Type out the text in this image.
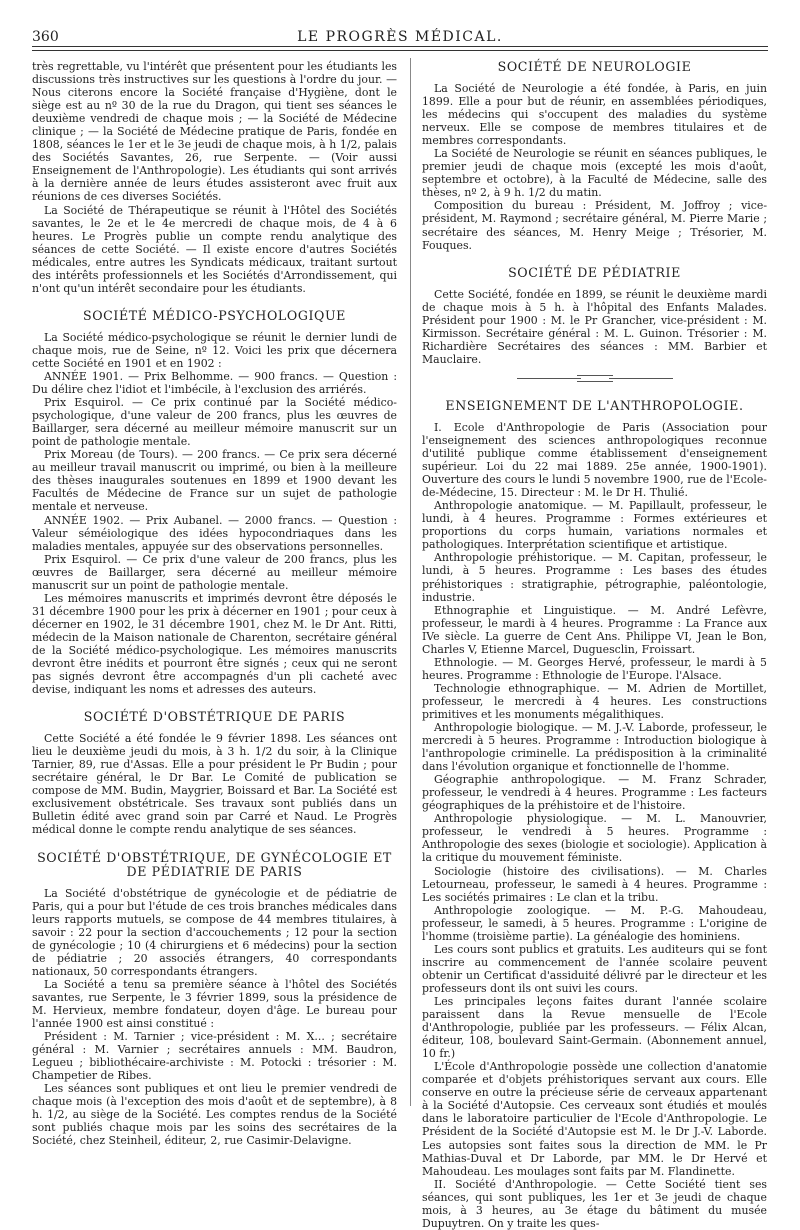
360	LE PROGRÈS MÉDICAL.

très regrettable, vu l'intérêt que présentent pour les étudiants les discussions très instructives sur les questions à l'ordre du jour. — Nous citerons encore la Société française d'Hygiène, dont le siège est au nº 30 de la rue du Dragon, qui tient ses séances le deuxième vendredi de chaque mois ; — la Société de Médecine clinique ; — la Société de Médecine pratique de Paris, fondée en 1808, séances le 1er et le 3e jeudi de chaque mois, à h 1/2, palais des Sociétés Savantes, 26, rue Serpente. — (Voir aussi Enseignement de l'Anthropologie). Les étudiants qui sont arrivés à la dernière année de leurs études assisteront avec fruit aux réunions de ces diverses Sociétés.

La Société de Thérapeutique se réunit à l'Hôtel des Sociétés savantes, le 2e et le 4e mercredi de chaque mois, de 4 à 6 heures. Le Progrès publie un compte rendu analytique des séances de cette Société. — Il existe encore d'autres Sociétés médicales, entre autres les Syndicats médicaux, traitant surtout des intérêts professionnels et les Sociétés d'Arrondissement, qui n'ont qu'un intérêt secondaire pour les étudiants.

SOCIÉTÉ MÉDICO-PSYCHOLOGIQUE

La Société médico-psychologique se réunit le dernier lundi de chaque mois, rue de Seine, nº 12. Voici les prix que décernera cette Société en 1901 et en 1902 :

ANNÉE 1901. — Prix Belhomme. — 900 francs. — Question : Du délire chez l'idiot et l'imbécile, à l'exclusion des arriérés.

Prix Esquirol. — Ce prix continué par la Société médico-psychologique, d'une valeur de 200 francs, plus les œuvres de Baillarger, sera décerné au meilleur mémoire manuscrit sur un point de pathologie mentale.

Prix Moreau (de Tours). — 200 francs. — Ce prix sera décerné au meilleur travail manuscrit ou imprimé, ou bien à la meilleure des thèses inaugurales soutenues en 1899 et 1900 devant les Facultés de Médecine de France sur un sujet de pathologie mentale et nerveuse.

ANNÉE 1902. — Prix Aubanel. — 2000 francs. — Question : Valeur séméiologique des idées hypocondriaques dans les maladies mentales, appuyée sur des observations personnelles.

Prix Esquirol. — Ce prix d'une valeur de 200 francs, plus les œuvres de Baillarger, sera décerné au meilleur mémoire manuscrit sur un point de pathologie mentale.

Les mémoires manuscrits et imprimés devront être déposés le 31 décembre 1900 pour les prix à décerner en 1901 ; pour ceux à décerner en 1902, le 31 décembre 1901, chez M. le Dr Ant. Ritti, médecin de la Maison nationale de Charenton, secrétaire général de la Société médico-psychologique. Les mémoires manuscrits devront être inédits et pourront être signés ; ceux qui ne seront pas signés devront être accompagnés d'un pli cacheté avec devise, indiquant les noms et adresses des auteurs.

SOCIÉTÉ D'OBSTÉTRIQUE DE PARIS

Cette Société a été fondée le 9 février 1898. Les séances ont lieu le deuxième jeudi du mois, à 3 h. 1/2 du soir, à la Clinique Tarnier, 89, rue d'Assas. Elle a pour président le Pr Budin ; pour secrétaire général, le Dr Bar. Le Comité de publication se compose de MM. Budin, Maygrier, Boissard et Bar. La Société est exclusivement obstétricale. Ses travaux sont publiés dans un Bulletin édité avec grand soin par Carré et Naud. Le Progrès médical donne le compte rendu analytique de ses séances.

SOCIÉTÉ D'OBSTÉTRIQUE, DE GYNÉCOLOGIE ET DE PÉDIATRIE DE PARIS

La Société d'obstétrique de gynécologie et de pédiatrie de Paris, qui a pour but l'étude de ces trois branches médicales dans leurs rapports mutuels, se compose de 44 membres titulaires, à savoir : 22 pour la section d'accouchements ; 12 pour la section de gynécologie ; 10 (4 chirurgiens et 6 médecins) pour la section de pédiatrie ; 20 associés étrangers, 40 correspondants nationaux, 50 correspondants étrangers.

La Société a tenu sa première séance à l'hôtel des Sociétés savantes, rue Serpente, le 3 février 1899, sous la présidence de M. Hervieux, membre fondateur, doyen d'âge. Le bureau pour l'année 1900 est ainsi constitué :

Président : M. Tarnier ; vice-président : M. X... ; secrétaire général : M. Varnier ; secrétaires annuels : MM. Baudron, Legueu ; bibliothécaire-archiviste : M. Potocki : trésorier : M. Champetier de Ribes.

Les séances sont publiques et ont lieu le premier vendredi de chaque mois (à l'exception des mois d'août et de septembre), à 8 h. 1/2, au siège de la Société. Les comptes rendus de la Société sont publiés chaque mois par les soins des secrétaires de la Société, chez Steinheil, éditeur, 2, rue Casimir-Delavigne.

SOCIÉTÉ DE NEUROLOGIE

La Société de Neurologie a été fondée, à Paris, en juin 1899. Elle a pour but de réunir, en assemblées périodiques, les médecins qui s'occupent des maladies du système nerveux. Elle se compose de membres titulaires et de membres correspondants.

La Société de Neurologie se réunit en séances publiques, le premier jeudi de chaque mois (excepté les mois d'août, septembre et octobre), à la Faculté de Médecine, salle des thèses, nº 2, à 9 h. 1/2 du matin.

Composition du bureau : Président, M. Joffroy ; vice-président, M. Raymond ; secrétaire général, M. Pierre Marie ; secrétaire des séances, M. Henry Meige ; Trésorier, M. Fouques.

SOCIÉTÉ DE PÉDIATRIE

Cette Société, fondée en 1899, se réunit le deuxième mardi de chaque mois à 5 h. à l'hôpital des Enfants Malades. Président pour 1900 : M. le Pr Grancher, vice-président : M. Kirmisson. Secrétaire général : M. L. Guinon. Trésorier : M. Richardière Secrétaires des séances : MM. Barbier et Mauclaire.

ENSEIGNEMENT DE L'ANTHROPOLOGIE.

I. Ecole d'Anthropologie de Paris (Association pour l'enseignement des sciences anthropologiques reconnue d'utilité publique comme établissement d'enseignement supérieur. Loi du 22 mai 1889. 25e année, 1900-1901). Ouverture des cours le lundi 5 novembre 1900, rue de l'Ecole-de-Médecine, 15. Directeur : M. le Dr H. Thulié.

Anthropologie anatomique. — M. Papillault, professeur, le lundi, à 4 heures. Programme : Formes extérieures et proportions du corps humain, variations normales et pathologiques. Interprétation scientifique et artistique.

Anthropologie préhistorique. — M. Capitan, professeur, le lundi, à 5 heures. Programme : Les bases des études préhistoriques : stratigraphie, pétrographie, paléontologie, industrie.

Ethnographie et Linguistique. — M. André Lefèvre, professeur, le mardi à 4 heures. Programme : La France aux IVe siècle. La guerre de Cent Ans. Philippe VI, Jean le Bon, Charles V, Etienne Marcel, Duguesclin, Froissart.

Ethnologie. — M. Georges Hervé, professeur, le mardi à 5 heures. Programme : Ethnologie de l'Europe. l'Alsace.

Technologie ethnographique. — M. Adrien de Mortillet, professeur, le mercredi à 4 heures. Les constructions primitives et les monuments mégalithiques.

Anthropologie biologique. — M. J.-V. Laborde, professeur, le mercredi à 5 heures. Programme : Introduction biologique à l'anthropologie criminelle. La prédisposition à la criminalité dans l'évolution organique et fonctionnelle de l'homme.

Géographie anthropologique. — M. Franz Schrader, professeur, le vendredi à 4 heures. Programme : Les facteurs géographiques de la préhistoire et de l'histoire.

Anthropologie physiologique. — M. L. Manouvrier, professeur, le vendredi à 5 heures. Programme : Anthropologie des sexes (biologie et sociologie). Application à la critique du mouvement féministe.

Sociologie (histoire des civilisations). — M. Charles Letourneau, professeur, le samedi à 4 heures. Programme : Les sociétés primaires : Le clan et la tribu.

Anthropologie zoologique. — M. P.-G. Mahoudeau, professeur, le samedi, à 5 heures. Programme : L'origine de l'homme (troisième partie). La généalogie des hominiens.

Les cours sont publics et gratuits. Les auditeurs qui se font inscrire au commencement de l'année scolaire peuvent obtenir un Certificat d'assiduité délivré par le directeur et les professeurs dont ils ont suivi les cours.

Les principales leçons faites durant l'année scolaire paraissent dans la Revue mensuelle de l'Ecole d'Anthropologie, publiée par les professeurs. — Félix Alcan, éditeur, 108, boulevard Saint-Germain. (Abonnement annuel, 10 fr.)

L'École d'Anthropologie possède une collection d'anatomie comparée et d'objets préhistoriques servant aux cours. Elle conserve en outre la précieuse série de cerveaux appartenant à la Société d'Autopsie. Ces cerveaux sont étudiés et moulés dans le laboratoire particulier de l'Ecole d'Anthropologie. Le Président de la Société d'Autopsie est M. le Dr J.-V. Laborde. Les autopsies sont faites sous la direction de MM. le Pr Mathias-Duval et Dr Laborde, par MM. le Dr Hervé et Mahoudeau. Les moulages sont faits par M. Flandinette.

II. Société d'Anthropologie. — Cette Société tient ses séances, qui sont publiques, les 1er et 3e jeudi de chaque mois, à 3 heures, au 3e étage du bâtiment du musée Dupuytren. On y traite les ques-
